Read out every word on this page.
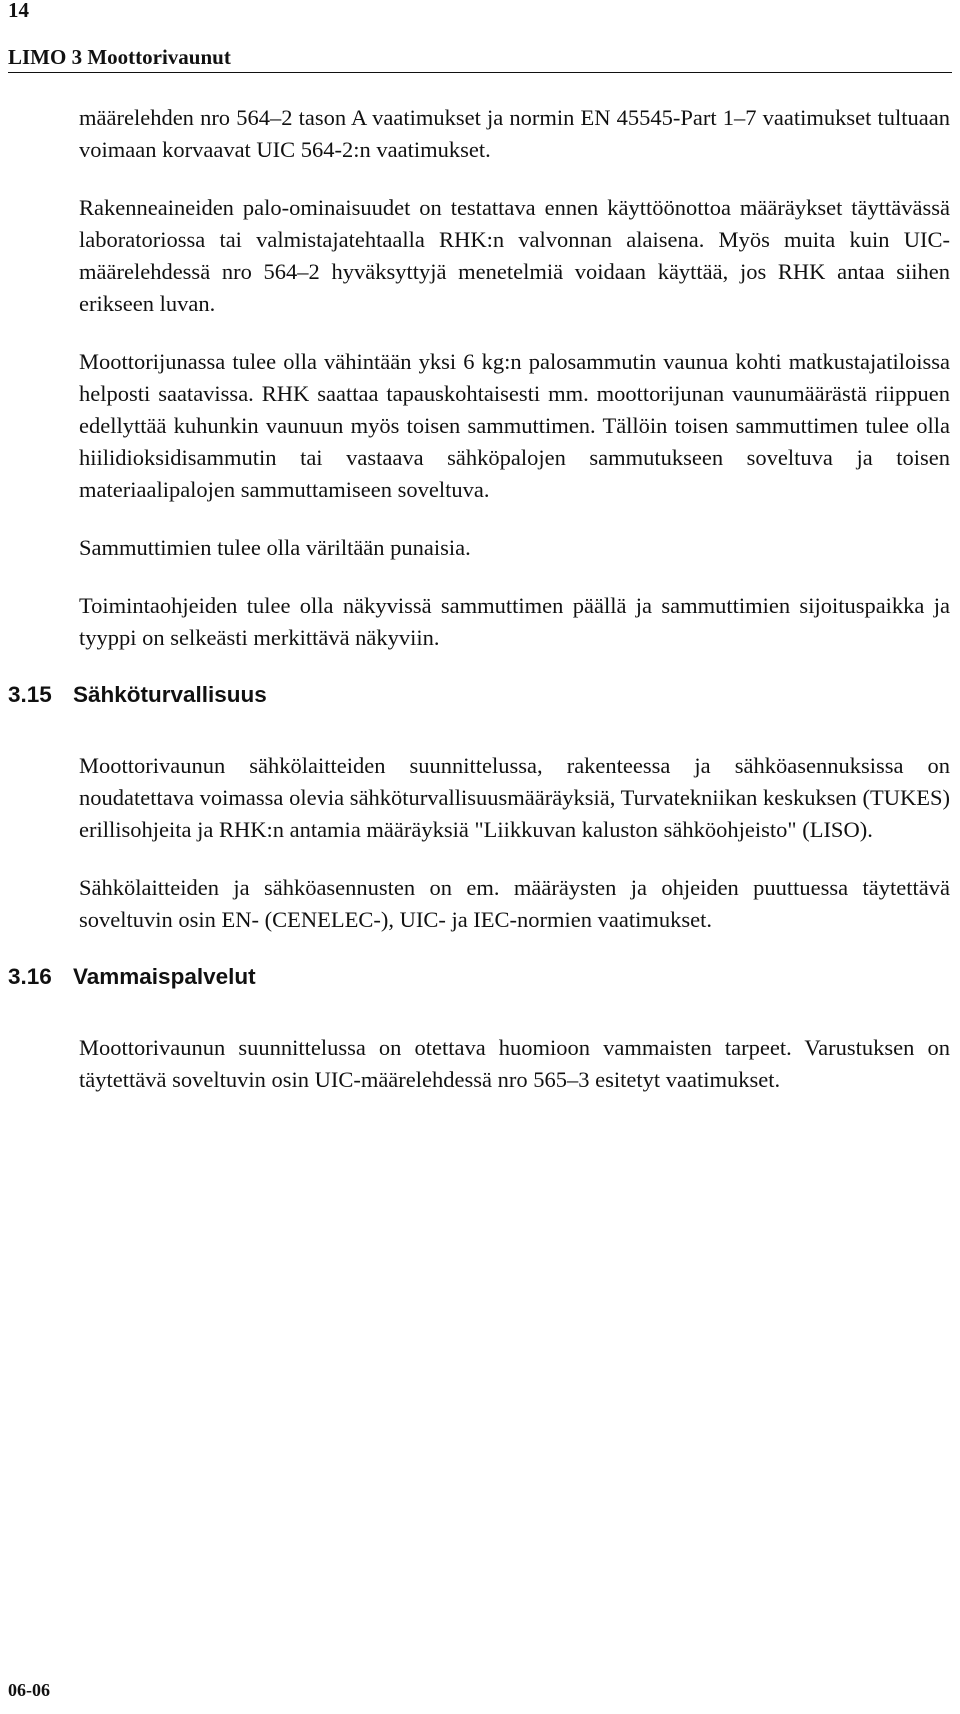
14
LIMO 3 Moottorivaunut

määrelehden nro 564–2 tason A vaatimukset ja normin EN 45545-Part 1–7 vaatimukset tultuaan voimaan korvaavat UIC 564-2:n vaatimukset.

Rakenneaineiden palo-ominaisuudet on testattava ennen käyttöönottoa määräykset täyttävässä laboratoriossa tai valmistajatehtaalla RHK:n valvonnan alaisena. Myös muita kuin UIC-määrelehdessä nro 564–2 hyväksyttyjä menetelmiä voidaan käyttää, jos RHK antaa siihen erikseen luvan.

Moottorijunassa tulee olla vähintään yksi 6 kg:n palosammutin vaunua kohti matkustajatiloissa helposti saatavissa. RHK saattaa tapauskohtaisesti mm. moottorijunan vaunumäärästä riippuen edellyttää kuhunkin vaunuun myös toisen sammuttimen. Tällöin toisen sammuttimen tulee olla hiilidioksidisammutin tai vastaava sähköpalojen sammutukseen soveltuva ja toisen materiaalipalojen sammuttamiseen soveltuva.

Sammuttimien tulee olla väriltään punaisia.

Toimintaohjeiden tulee olla näkyvissä sammuttimen päällä ja sammuttimien sijoituspaikka ja tyyppi on selkeästi merkittävä näkyviin.

3.15 Sähköturvallisuus

Moottorivaunun sähkölaitteiden suunnittelussa, rakenteessa ja sähköasennuksissa on noudatettava voimassa olevia sähköturvallisuusmääräyksiä, Turvatekniikan keskuksen (TUKES) erillisohjeita ja RHK:n antamia määräyksiä "Liikkuvan kaluston sähköohjeisto" (LISO).

Sähkölaitteiden ja sähköasennusten on em. määräysten ja ohjeiden puuttuessa täytettävä soveltuvin osin EN- (CENELEC-), UIC- ja IEC-normien vaatimukset.

3.16 Vammaispalvelut

Moottorivaunun suunnittelussa on otettava huomioon vammaisten tarpeet. Varustuksen on täytettävä soveltuvin osin UIC-määrelehdessä nro 565–3 esitetyt vaatimukset.

06-06
